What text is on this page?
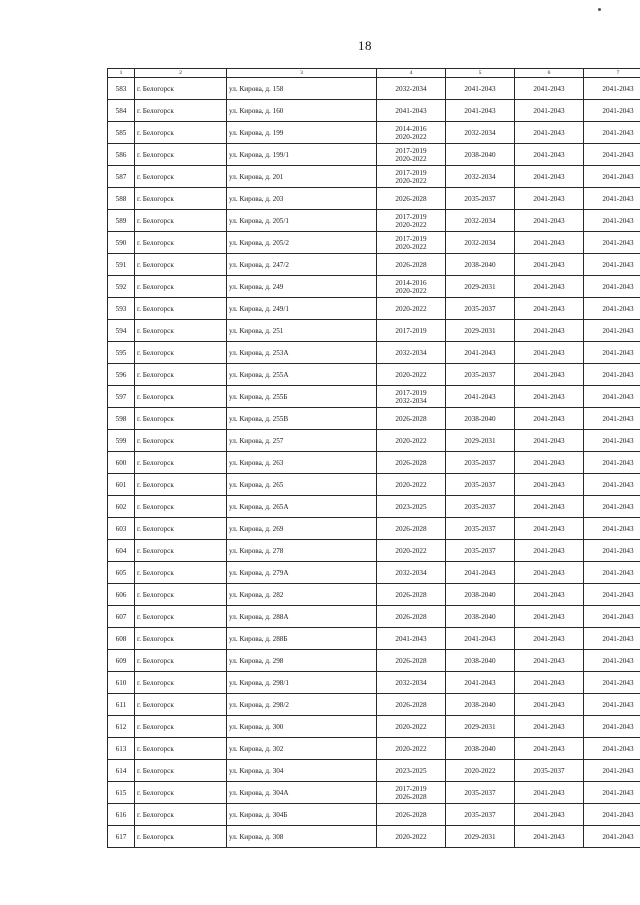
18
1	2	3	4	5	6	7
583	г. Белогорск	ул. Кирова, д. 158	2032-2034	2041-2043	2041-2043	2041-2043
584	г. Белогорск	ул. Кирова, д. 160	2041-2043	2041-2043	2041-2043	2041-2043
585	г. Белогорск	ул. Кирова, д. 199	2014-2016
2020-2022	2032-2034	2041-2043	2041-2043
586	г. Белогорск	ул. Кирова, д. 199/1	2017-2019
2020-2022	2038-2040	2041-2043	2041-2043
587	г. Белогорск	ул. Кирова, д. 201	2017-2019
2020-2022	2032-2034	2041-2043	2041-2043
588	г. Белогорск	ул. Кирова, д. 203	2026-2028	2035-2037	2041-2043	2041-2043
589	г. Белогорск	ул. Кирова, д. 205/1	2017-2019
2020-2022	2032-2034	2041-2043	2041-2043
590	г. Белогорск	ул. Кирова, д. 205/2	2017-2019
2020-2022	2032-2034	2041-2043	2041-2043
591	г. Белогорск	ул. Кирова, д. 247/2	2026-2028	2038-2040	2041-2043	2041-2043
592	г. Белогорск	ул. Кирова, д. 249	2014-2016
2020-2022	2029-2031	2041-2043	2041-2043
593	г. Белогорск	ул. Кирова, д. 249/1	2020-2022	2035-2037	2041-2043	2041-2043
594	г. Белогорск	ул. Кирова, д. 251	2017-2019	2029-2031	2041-2043	2041-2043
595	г. Белогорск	ул. Кирова, д. 253А	2032-2034	2041-2043	2041-2043	2041-2043
596	г. Белогорск	ул. Кирова, д. 255А	2020-2022	2035-2037	2041-2043	2041-2043
597	г. Белогорск	ул. Кирова, д. 255Б	2017-2019
2032-2034	2041-2043	2041-2043	2041-2043
598	г. Белогорск	ул. Кирова, д. 255В	2026-2028	2038-2040	2041-2043	2041-2043
599	г. Белогорск	ул. Кирова, д. 257	2020-2022	2029-2031	2041-2043	2041-2043
600	г. Белогорск	ул. Кирова, д. 263	2026-2028	2035-2037	2041-2043	2041-2043
601	г. Белогорск	ул. Кирова, д. 265	2020-2022	2035-2037	2041-2043	2041-2043
602	г. Белогорск	ул. Кирова, д. 265А	2023-2025	2035-2037	2041-2043	2041-2043
603	г. Белогорск	ул. Кирова, д. 269	2026-2028	2035-2037	2041-2043	2041-2043
604	г. Белогорск	ул. Кирова, д. 278	2020-2022	2035-2037	2041-2043	2041-2043
605	г. Белогорск	ул. Кирова, д. 279А	2032-2034	2041-2043	2041-2043	2041-2043
606	г. Белогорск	ул. Кирова, д. 282	2026-2028	2038-2040	2041-2043	2041-2043
607	г. Белогорск	ул. Кирова, д. 288А	2026-2028	2038-2040	2041-2043	2041-2043
608	г. Белогорск	ул. Кирова, д. 288Б	2041-2043	2041-2043	2041-2043	2041-2043
609	г. Белогорск	ул. Кирова, д. 298	2026-2028	2038-2040	2041-2043	2041-2043
610	г. Белогорск	ул. Кирова, д. 298/1	2032-2034	2041-2043	2041-2043	2041-2043
611	г. Белогорск	ул. Кирова, д. 298/2	2026-2028	2038-2040	2041-2043	2041-2043
612	г. Белогорск	ул. Кирова, д. 300	2020-2022	2029-2031	2041-2043	2041-2043
613	г. Белогорск	ул. Кирова, д. 302	2020-2022	2038-2040	2041-2043	2041-2043
614	г. Белогорск	ул. Кирова, д. 304	2023-2025	2020-2022	2035-2037	2041-2043
615	г. Белогорск	ул. Кирова, д. 304А	2017-2019
2026-2028	2035-2037	2041-2043	2041-2043
616	г. Белогорск	ул. Кирова, д. 304Б	2026-2028	2035-2037	2041-2043	2041-2043
617	г. Белогорск	ул. Кирова, д. 308	2020-2022	2029-2031	2041-2043	2041-2043
